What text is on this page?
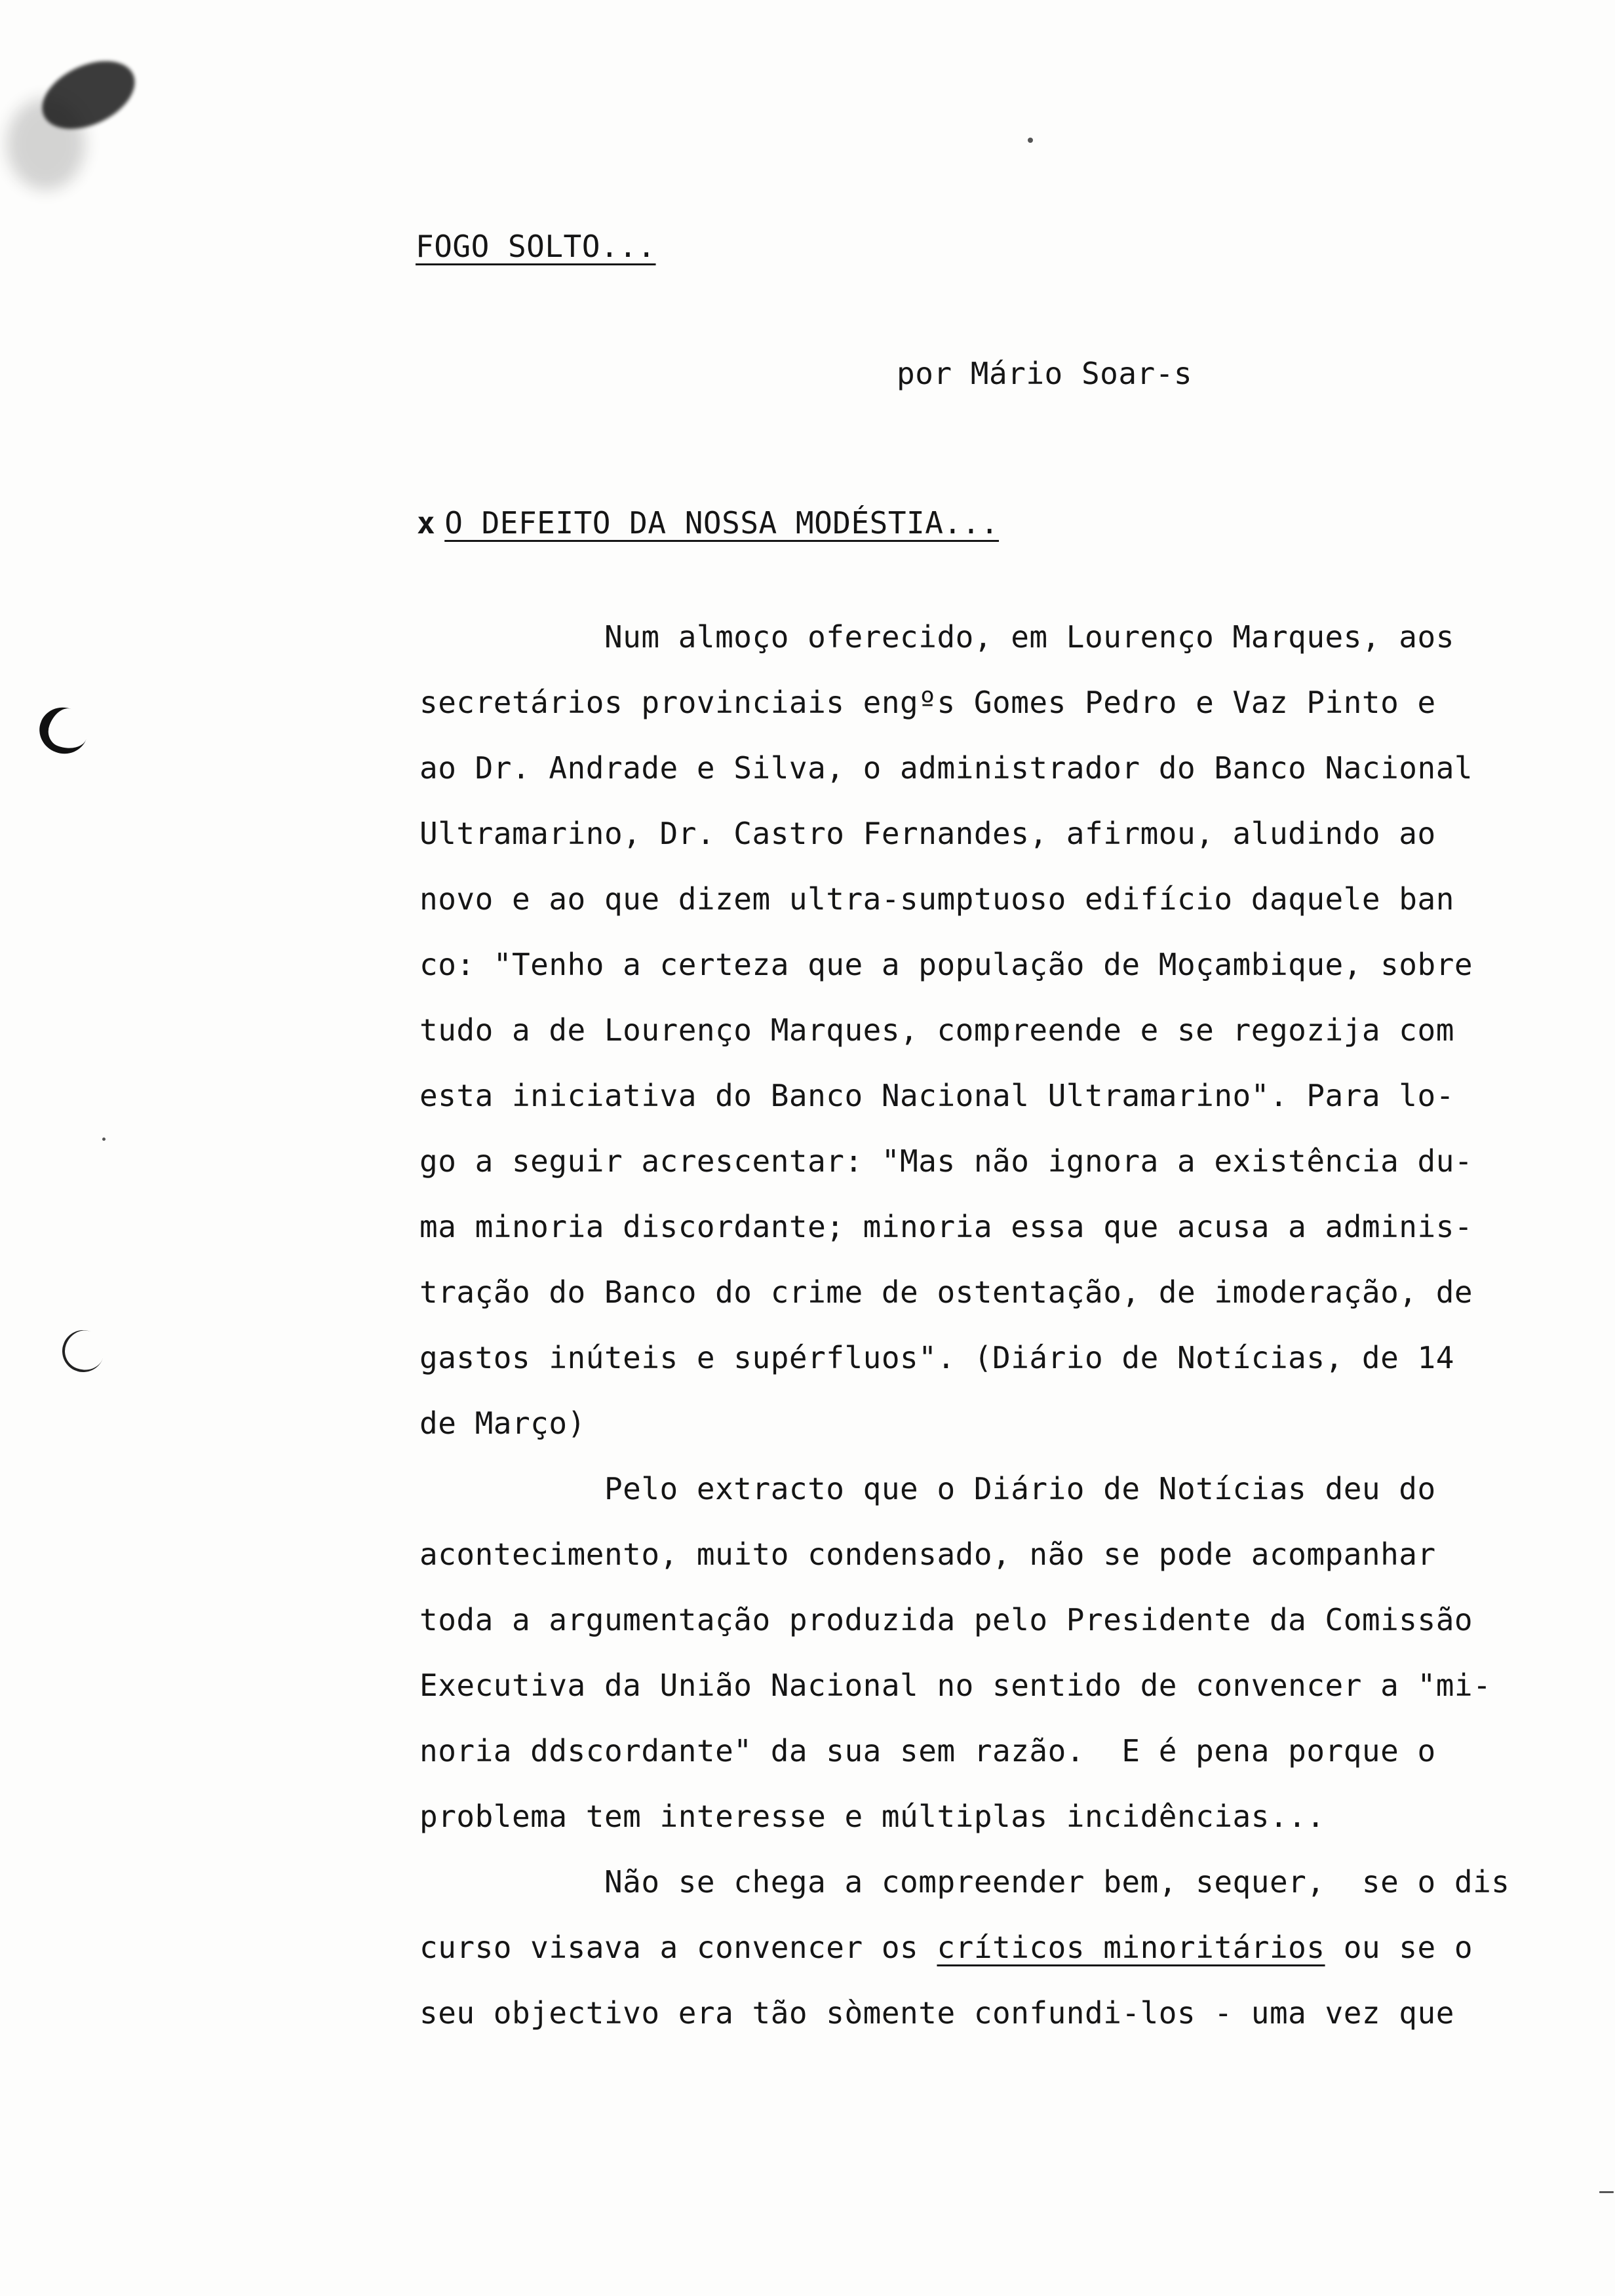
FOGO SOLTO...
por Mário Soar-s
x O DEFEITO DA NOSSA MODÉSTIA...
Num almoço oferecido, em Lourenço Marques, aos
secretários provinciais engºs Gomes Pedro e Vaz Pinto e
ao Dr. Andrade e Silva, o administrador do Banco Nacional
Ultramarino, Dr. Castro Fernandes, afirmou, aludindo ao
novo e ao que dizem ultra-sumptuoso edifício daquele ban
co: "Tenho a certeza que a população de Moçambique, sobre
tudo a de Lourenço Marques, compreende e se regozija com
esta iniciativa do Banco Nacional Ultramarino". Para lo-
go a seguir acrescentar: "Mas não ignora a existência du-
ma minoria discordante; minoria essa que acusa a adminis-
tração do Banco do crime de ostentação, de imoderação, de
gastos inúteis e supérfluos". (Diário de Notícias, de 14
de Março)
Pelo extracto que o Diário de Notícias deu do
acontecimento, muito condensado, não se pode acompanhar
toda a argumentação produzida pelo Presidente da Comissão
Executiva da União Nacional no sentido de convencer a "mi-
noria ddscordante" da sua sem razão.  E é pena porque o
problema tem interesse e múltiplas incidências...
Não se chega a compreender bem, sequer,  se o dis
curso visava a convencer os críticos minoritários ou se o
seu objectivo era tão sòmente confundi-los - uma vez que
